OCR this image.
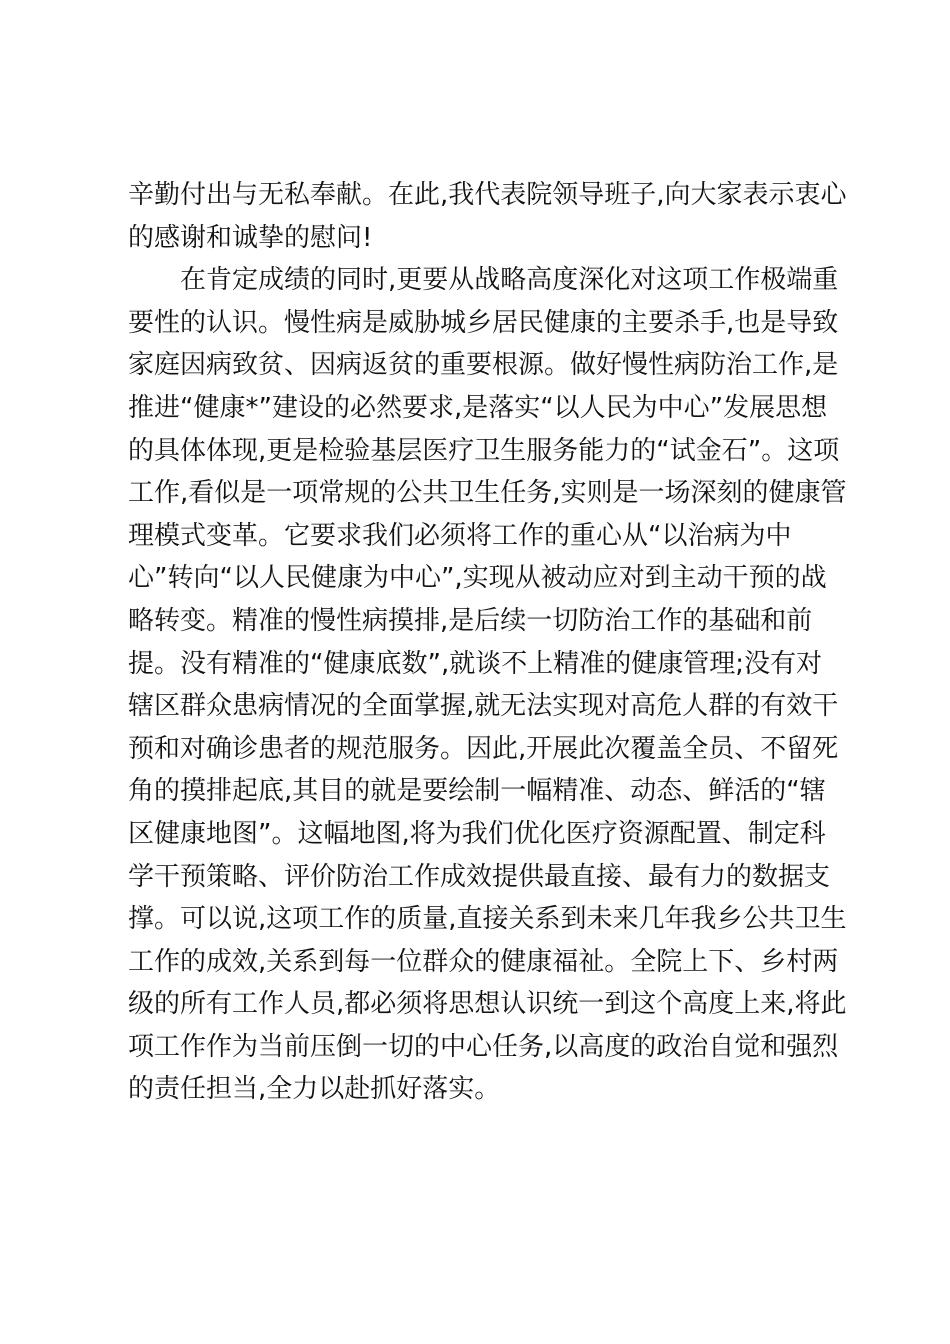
辛勤付出与无私奉献。在此,我代表院领导班子,向大家表示衷心
的感谢和诚挚的慰问!
在肯定成绩的同时,更要从战略高度深化对这项工作极端重
要性的认识。慢性病是威胁城乡居民健康的主要杀手,也是导致
家庭因病致贫、因病返贫的重要根源。做好慢性病防治工作,是
推进“健康*”建设的必然要求,是落实“以人民为中心”发展思想
的具体体现,更是检验基层医疗卫生服务能力的“试金石”。这项
工作,看似是一项常规的公共卫生任务,实则是一场深刻的健康管
理模式变革。它要求我们必须将工作的重心从“以治病为中
心”转向“以人民健康为中心”,实现从被动应对到主动干预的战
略转变。精准的慢性病摸排,是后续一切防治工作的基础和前
提。没有精准的“健康底数”,就谈不上精准的健康管理;没有对
辖区群众患病情况的全面掌握,就无法实现对高危人群的有效干
预和对确诊患者的规范服务。因此,开展此次覆盖全员、不留死
角的摸排起底,其目的就是要绘制一幅精准、动态、鲜活的“辖
区健康地图”。这幅地图,将为我们优化医疗资源配置、制定科
学干预策略、评价防治工作成效提供最直接、最有力的数据支
撑。可以说,这项工作的质量,直接关系到未来几年我乡公共卫生
工作的成效,关系到每一位群众的健康福祉。全院上下、乡村两
级的所有工作人员,都必须将思想认识统一到这个高度上来,将此
项工作作为当前压倒一切的中心任务,以高度的政治自觉和强烈
的责任担当,全力以赴抓好落实。
